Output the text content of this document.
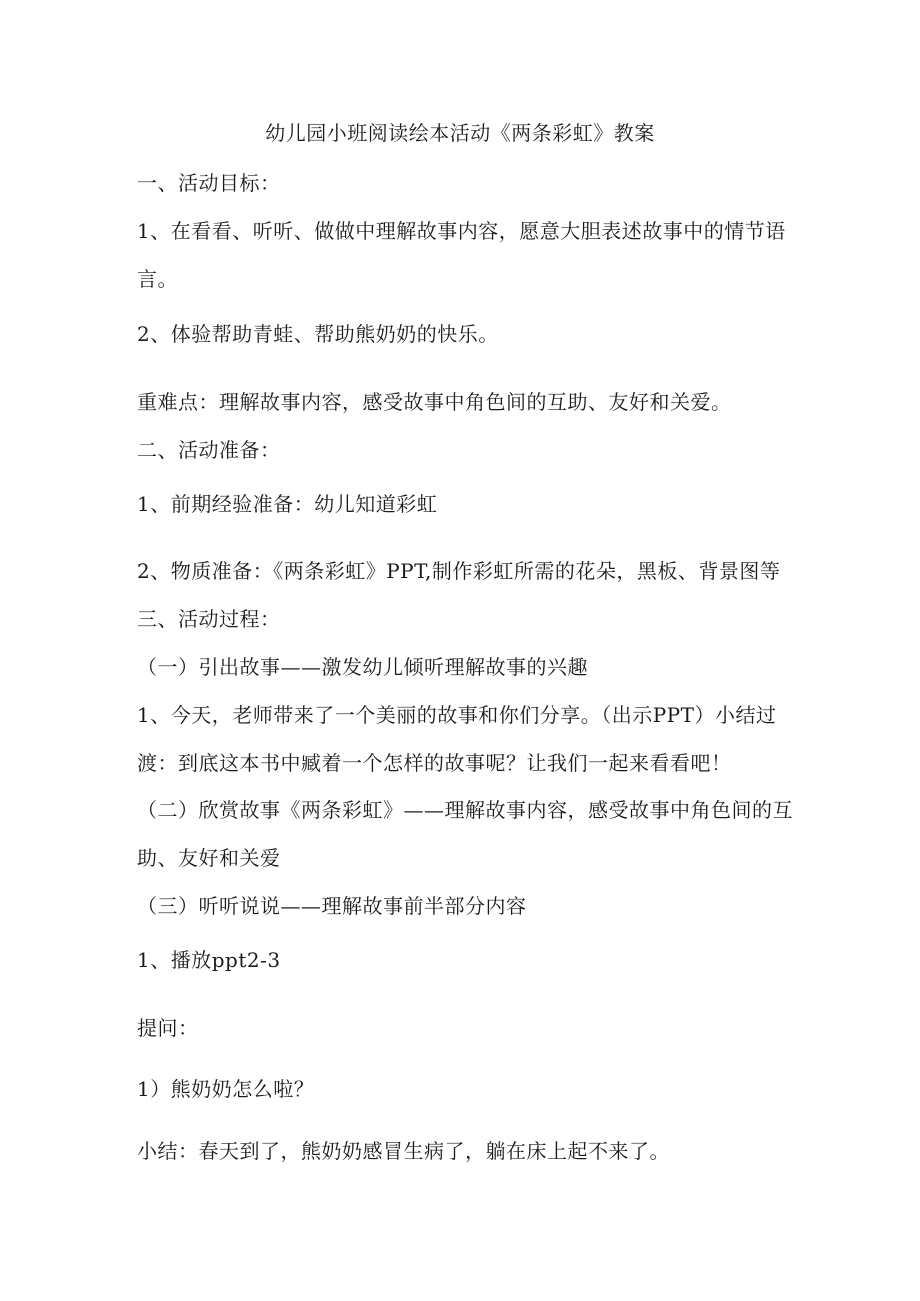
幼儿园小班阅读绘本活动《两条彩虹》教案
一、活动目标：
1、在看看、听听、做做中理解故事内容，愿意大胆表述故事中的情节语
言。
2、体验帮助青蛙、帮助熊奶奶的快乐。
重难点：理解故事内容，感受故事中角色间的互助、友好和关爱。
二、活动准备：
1、前期经验准备：幼儿知道彩虹
2、物质准备：《两条彩虹》PPT,制作彩虹所需的花朵，黑板、背景图等
三、活动过程：
（一）引出故事——激发幼儿倾听理解故事的兴趣
1、今天，老师带来了一个美丽的故事和你们分享。（出示PPT）小结过
渡：到底这本书中臧着一个怎样的故事呢？让我们一起来看看吧！
（二）欣赏故事《两条彩虹》——理解故事内容，感受故事中角色间的互
助、友好和关爱
（三）听听说说——理解故事前半部分内容
1、播放ppt2-3
提问：
1）熊奶奶怎么啦？
小结：春天到了，熊奶奶感冒生病了，躺在床上起不来了。
